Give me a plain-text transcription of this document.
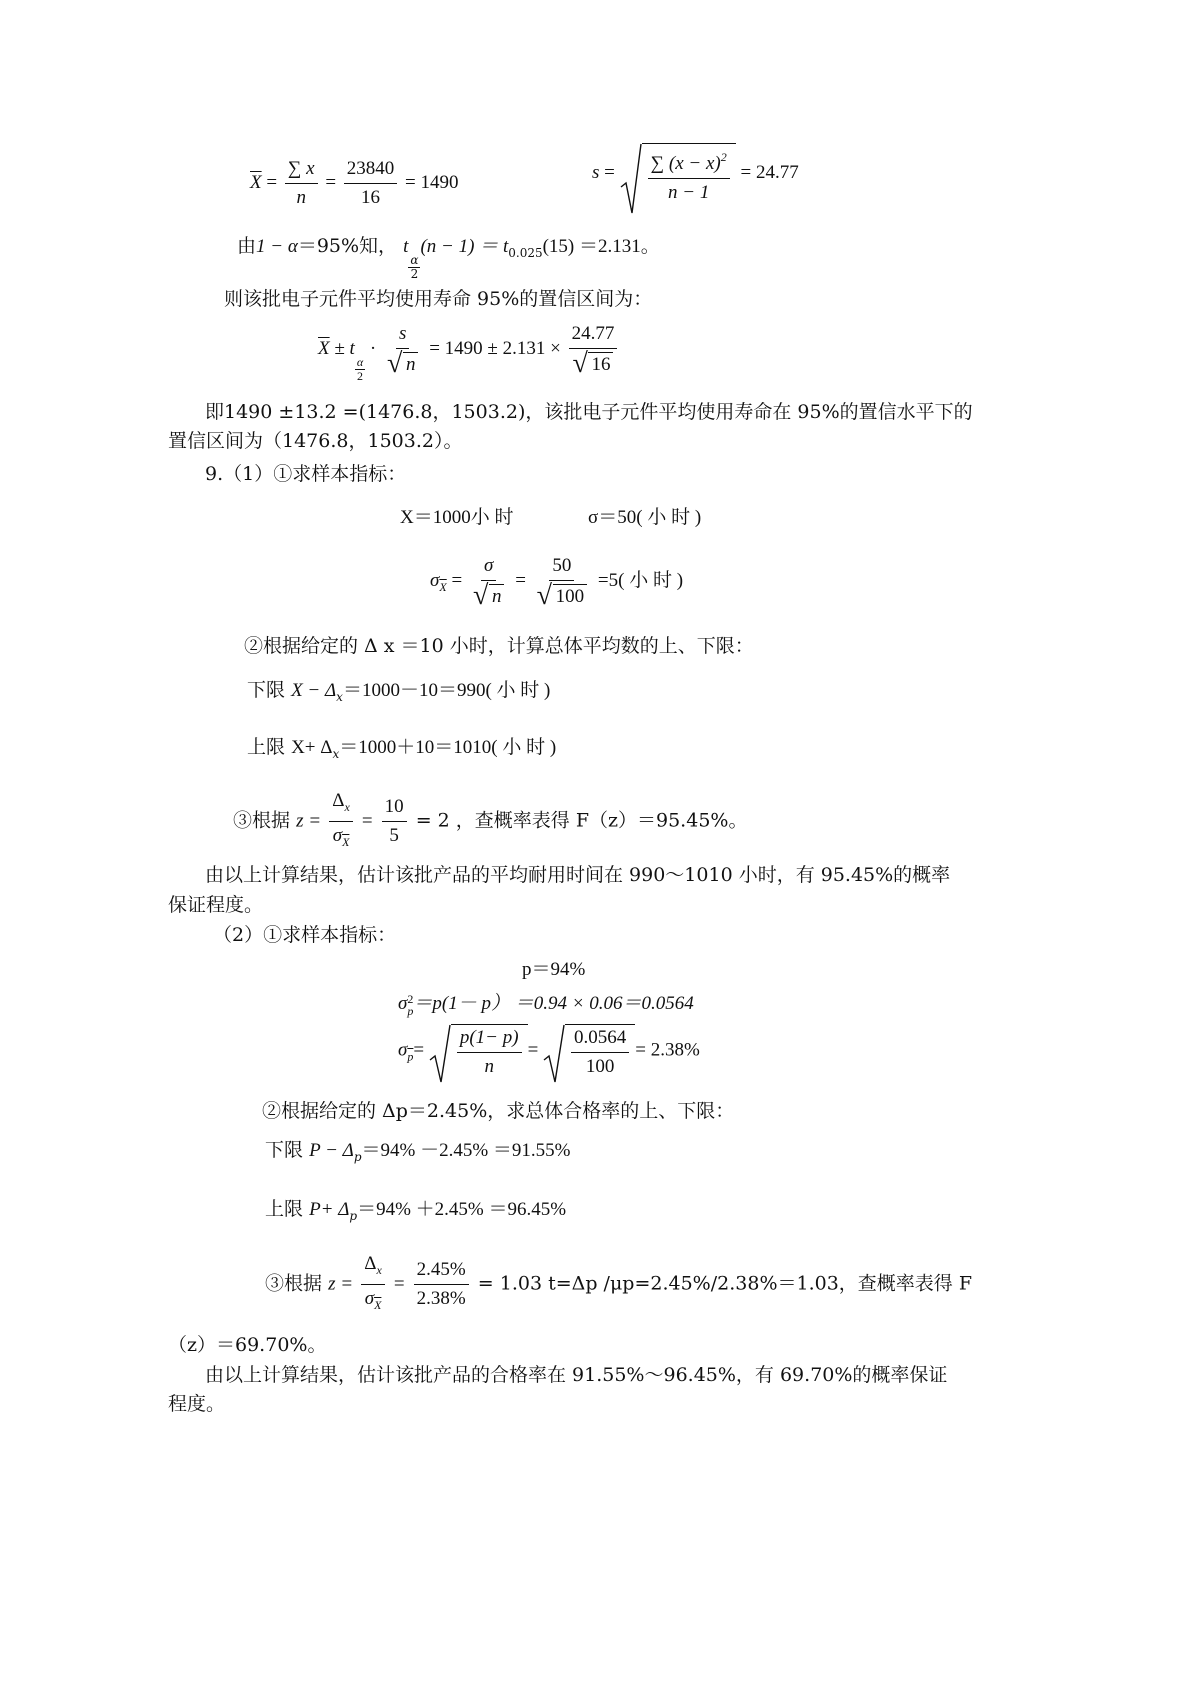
$\overline{X} = \frac{\sum x}{n} = \frac{23840}{16} = 1490$	$s = \frac{\sum (x - x)^2}{n - 1} = 24.77$
由1 − α＝95%知， t
$\frac{\alpha}{2}$
$(n - 1) = t_{0.025}(15) =2.131$。
则该批电子元件平均使用寿命 95%的置信区间为：
$\overline{X} \pm t$
$\frac{\alpha}{2}$
· s
√ n = 1490 ± 2.131 × 24.77
√ 16
即1490 ±13.2 =(1476.8，1503.2)，该批电子元件平均使用寿命在 95%的置信水平下的
置信区间为（1476.8，1503.2）。
9.（1）①求样本指标：
X＝1000小 时	σ＝50( 小 时 )
$\sigma_{\overline{X}} = \sigma$
√ n = 50
√ 100 =5( 小 时 )
②根据给定的 Δ x ＝10 小时，计算总体平均数的上、下限：
下限 $X - \Delta_x=1000-10=990$( 小 时 )
上限 $X+ \Delta_x=1000+10=1010$( 小 时 )
③根据 $z = \frac{\Delta_x}{\sigma_{\overline{X}}} = \frac{10}{5} = 2$ ，查概率表得 F（z）＝95.45%。
由以上计算结果，估计该批产品的平均耐用时间在 990～1010 小时，有 95.45%的概率
保证程度。
（2）①求样本指标：
p＝94%
σ 2
p ＝p(1－ p） ＝0.94 × 0.06＝0.0564
$\sigma_{\overline{p}}= \frac{p(1- p)}{n} = \frac{0.0564}{100} = 2.38\%$
②根据给定的 Δp＝2.45%，求总体合格率的上、下限：
下限 $P - \Delta_p=94\% -2.45\% =91.55\%$
上限 $P+ \Delta_p=94\% +2.45\% =96.45\%$
③根据 $z = \frac{\Delta_x}{\sigma_{\overline{X}}} = \frac{2.45\%}{2.38\%} = 1.03$ t=Δp /μp=2.45%/2.38%＝1.03，查概率表得 F
（z）＝69.70%。
由以上计算结果，估计该批产品的合格率在 91.55%～96.45%，有 69.70%的概率保证
程度。
